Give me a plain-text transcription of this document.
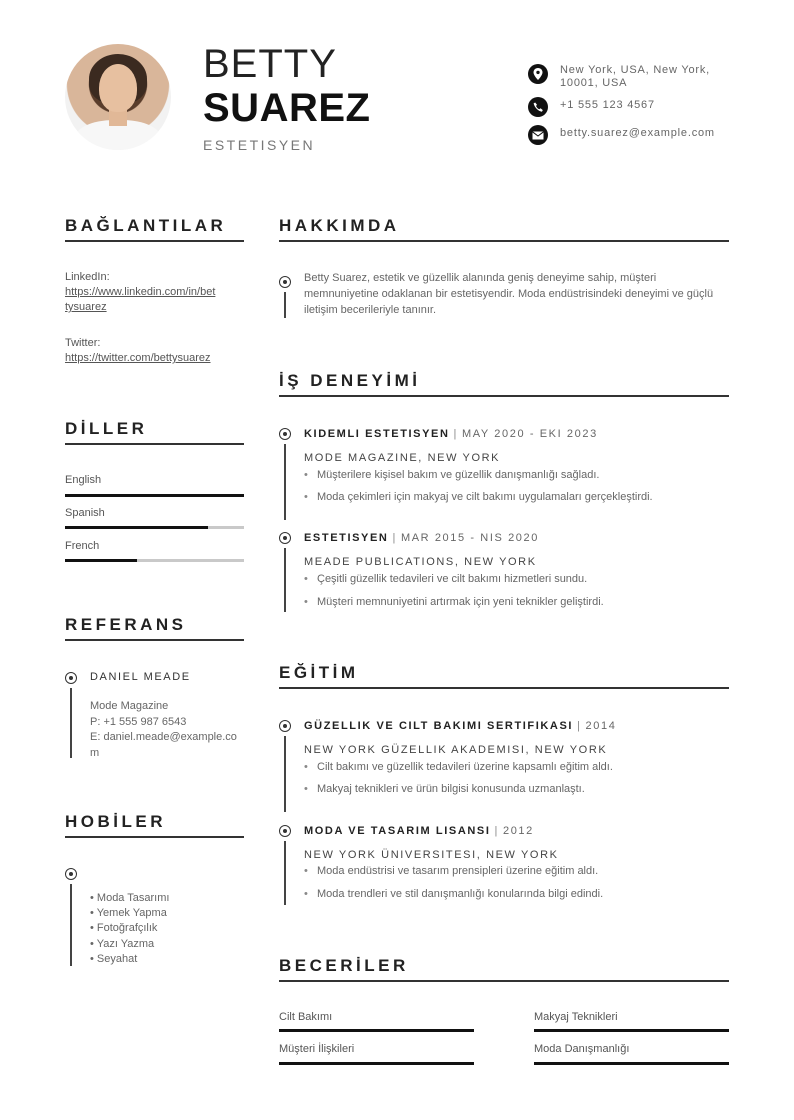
BETTY
SUAREZ
ESTETISYEN
New York, USA, New York,
10001, USA
+1 555 123 4567
betty.suarez@example.com
BAĞLANTILAR
LinkedIn:
https://www.linkedin.com/in/bet
tysuarez
Twitter:
https://twitter.com/bettysuarez
DİLLER
English
Spanish
French
REFERANS
DANIEL MEADE
Mode Magazine
P: +1 555 987 6543
E: daniel.meade@example.com
HOBİLER
• Moda Tasarımı
• Yemek Yapma
• Fotoğrafçılık
• Yazı Yazma
• Seyahat
HAKKIMDA
Betty Suarez, estetik ve güzellik alanında geniş deneyime sahip, müşteri memnuniyetine odaklanan bir estetisyendir. Moda endüstrisindeki deneyimi ve güçlü iletişim becerileriyle tanınır.
İŞ DENEYİMİ
KIDEMLI ESTETISYEN | MAY 2020 - EKI 2023
MODE MAGAZINE, NEW YORK
• Müşterilere kişisel bakım ve güzellik danışmanlığı sağladı.
• Moda çekimleri için makyaj ve cilt bakımı uygulamaları gerçekleştirdi.
ESTETISYEN | MAR 2015 - NIS 2020
MEADE PUBLICATIONS, NEW YORK
• Çeşitli güzellik tedavileri ve cilt bakımı hizmetleri sundu.
• Müşteri memnuniyetini artırmak için yeni teknikler geliştirdi.
EĞİTİM
GÜZELLIK VE CILT BAKIMI SERTIFIKASI | 2014
NEW YORK GÜZELLIK AKADEMISI, NEW YORK
• Cilt bakımı ve güzellik tedavileri üzerine kapsamlı eğitim aldı.
• Makyaj teknikleri ve ürün bilgisi konusunda uzmanlaştı.
MODA VE TASARIM LISANSI | 2012
NEW YORK ÜNIVERSITESI, NEW YORK
• Moda endüstrisi ve tasarım prensipleri üzerine eğitim aldı.
• Moda trendleri ve stil danışmanlığı konularında bilgi edindi.
BECERİLER
Cilt Bakımı	Makyaj Teknikleri
Müşteri İlişkileri	Moda Danışmanlığı
